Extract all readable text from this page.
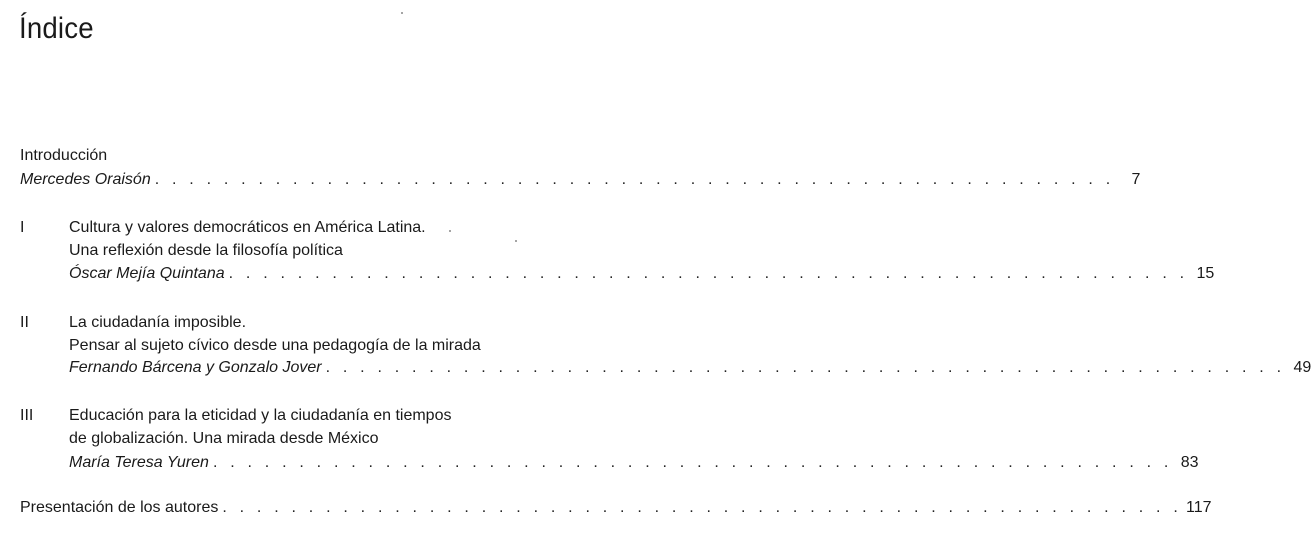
Índice
Introducción
Mercedes Oraisón . . . . . . . . . . . . . . . . . . . . . . . . . . . . . . . . . . . . . . . . . . . . . . . . . . . . . . . .	7
I	Cultura y valores democráticos en América Latina.
Una reflexión desde la filosofía política
Óscar Mejía Quintana . . . . . . . . . . . . . . . . . . . . . . . . . . . . . . . . . . . . . . . . . . . . . . . . . . . . . . . . 15
II	La ciudadanía imposible.
Pensar al sujeto cívico desde una pedagogía de la mirada
Fernando Bárcena y Gonzalo Jover . . . . . . . . . . . . . . . . . . . . . . . . . . . . . . . . . . . . . . . . . . . . . . . . . . . . . . . . 49
III Educación para la eticidad y la ciudadanía en tiempos
de globalización. Una mirada desde México
María Teresa Yuren . . . . . . . . . . . . . . . . . . . . . . . . . . . . . . . . . . . . . . . . . . . . . . . . . . . . . . . . 83
Presentación de los autores . . . . . . . . . . . . . . . . . . . . . . . . . . . . . . . . . . . . . . . . . . . . . . . . . . . . . . . . 117
